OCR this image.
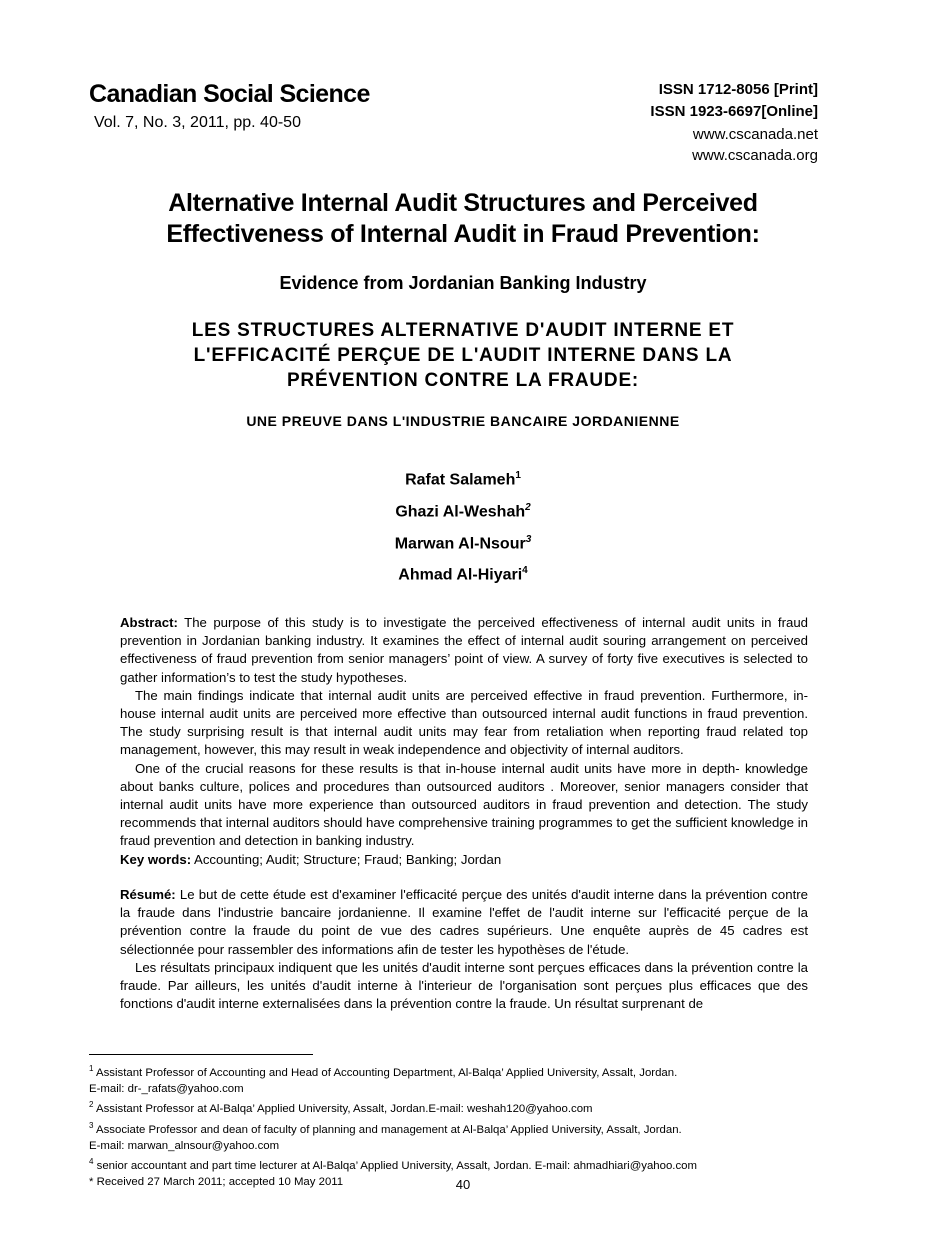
Canadian Social Science
Vol. 7, No. 3, 2011, pp. 40-50
ISSN 1712-8056 [Print]
ISSN 1923-6697[Online]
www.cscanada.net
www.cscanada.org
Alternative Internal Audit Structures and Perceived
Effectiveness of Internal Audit in Fraud Prevention:
Evidence from Jordanian Banking Industry
LES STRUCTURES ALTERNATIVE D'AUDIT INTERNE ET
L'EFFICACITÉ PERÇUE DE L'AUDIT INTERNE DANS LA
PRÉVENTION CONTRE LA FRAUDE:
UNE PREUVE DANS L'INDUSTRIE BANCAIRE JORDANIENNE
Rafat Salameh$^1$
Ghazi Al-Weshah$^2$
Marwan Al-Nsour$^3$
Ahmad Al-Hiyari$^4$

Abstract: The purpose of this study is to investigate the perceived effectiveness of internal audit units in fraud prevention in Jordanian banking industry. It examines the effect of internal audit souring arrangement on perceived effectiveness of fraud prevention from senior managers’ point of view. A survey of forty five executives is selected to gather information’s to test the study hypotheses.

The main findings indicate that internal audit units are perceived effective in fraud prevention. Furthermore, in-house internal audit units are perceived more effective than outsourced internal audit functions in fraud prevention. The study surprising result is that internal audit units may fear from retaliation when reporting fraud related top management, however, this may result in weak independence and objectivity of internal auditors.

One of the crucial reasons for these results is that in-house internal audit units have more in depth- knowledge about banks culture, polices and procedures than outsourced auditors . Moreover, senior managers consider that internal audit units have more experience than outsourced auditors in fraud prevention and detection. The study recommends that internal auditors should have comprehensive training programmes to get the sufficient knowledge in fraud prevention and detection in banking industry.

Key words: Accounting; Audit; Structure; Fraud; Banking; Jordan

Résumé: Le but de cette étude est d'examiner l'efficacité perçue des unités d'audit interne dans la prévention contre la fraude dans l'industrie bancaire jordanienne. Il examine l'effet de l'audit interne sur l'efficacité perçue de la prévention contre la fraude du point de vue des cadres supérieurs. Une enquête auprès de 45 cadres est sélectionnée pour rassembler des informations afin de tester les hypothèses de l'étude.

Les résultats principaux indiquent que les unités d'audit interne sont perçues efficaces dans la prévention contre la fraude. Par ailleurs, les unités d'audit interne à l'interieur de l'organisation sont perçues plus efficaces que des fonctions d'audit interne externalisées dans la prévention contre la fraude. Un résultat surprenant de

$^1$ Assistant Professor of Accounting and Head of Accounting Department, Al-Balqa’ Applied University, Assalt, Jordan.

E-mail: dr-_rafats@yahoo.com

$^2$ Assistant Professor at Al-Balqa’ Applied University, Assalt, Jordan.E-mail: weshah120@yahoo.com

$^3$ Associate Professor and dean of faculty of planning and management at Al-Balqa’ Applied University, Assalt, Jordan.

E-mail: marwan_alnsour@yahoo.com

$^4$ senior accountant and part time lecturer at Al-Balqa’ Applied University, Assalt, Jordan. E-mail: ahmadhiari@yahoo.com

* Received 27 March 2011; accepted 10 May 2011	40
